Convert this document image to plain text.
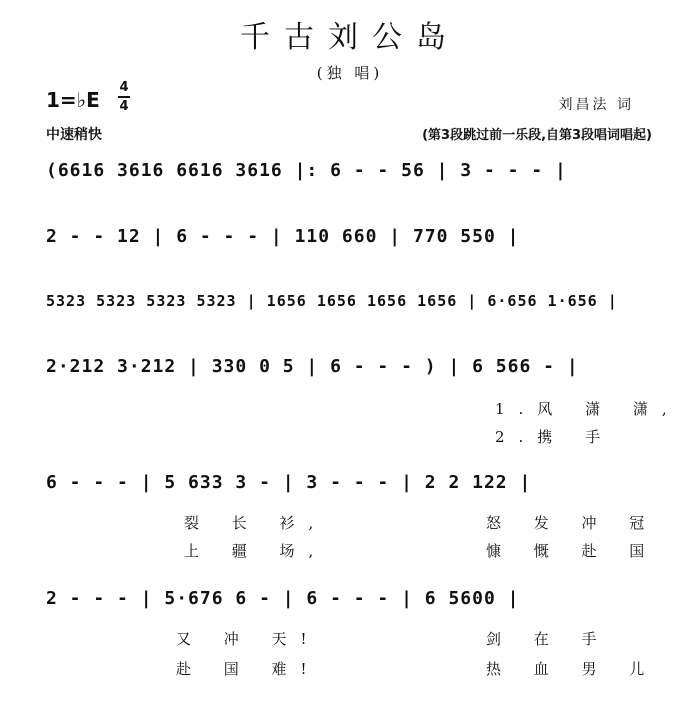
千古刘公岛
(独 唱)
1=♭E
4
4	刘昌法 词
中速稍快	(第3段跳过前一乐段,自第3段唱词唱起)
(6616 3616 6616 3616 |: 6 - - 56 | 3 - - - |
2 - - 12 | 6 - - - | 110 660 | 770 550 |
5323 5323 5323 5323 | 1656 1656 1656 1656 | 6·656 1·656 |
2·212 3·212 | 330 0 5 | 6 - - - ) | 6 566 - |
1.风 潇 潇,
2.携 手
6 - - - | 5 633 3 - | 3 - - - | 2 2 122 |
裂 长 衫,
上 疆 场,
怒 发 冲 冠
慷 慨 赴 国
2 - - - | 5·676 6 - | 6 - - - | 6 5600 |
又 冲 天!
赴 国 难!
剑 在 手
热 血 男 儿
